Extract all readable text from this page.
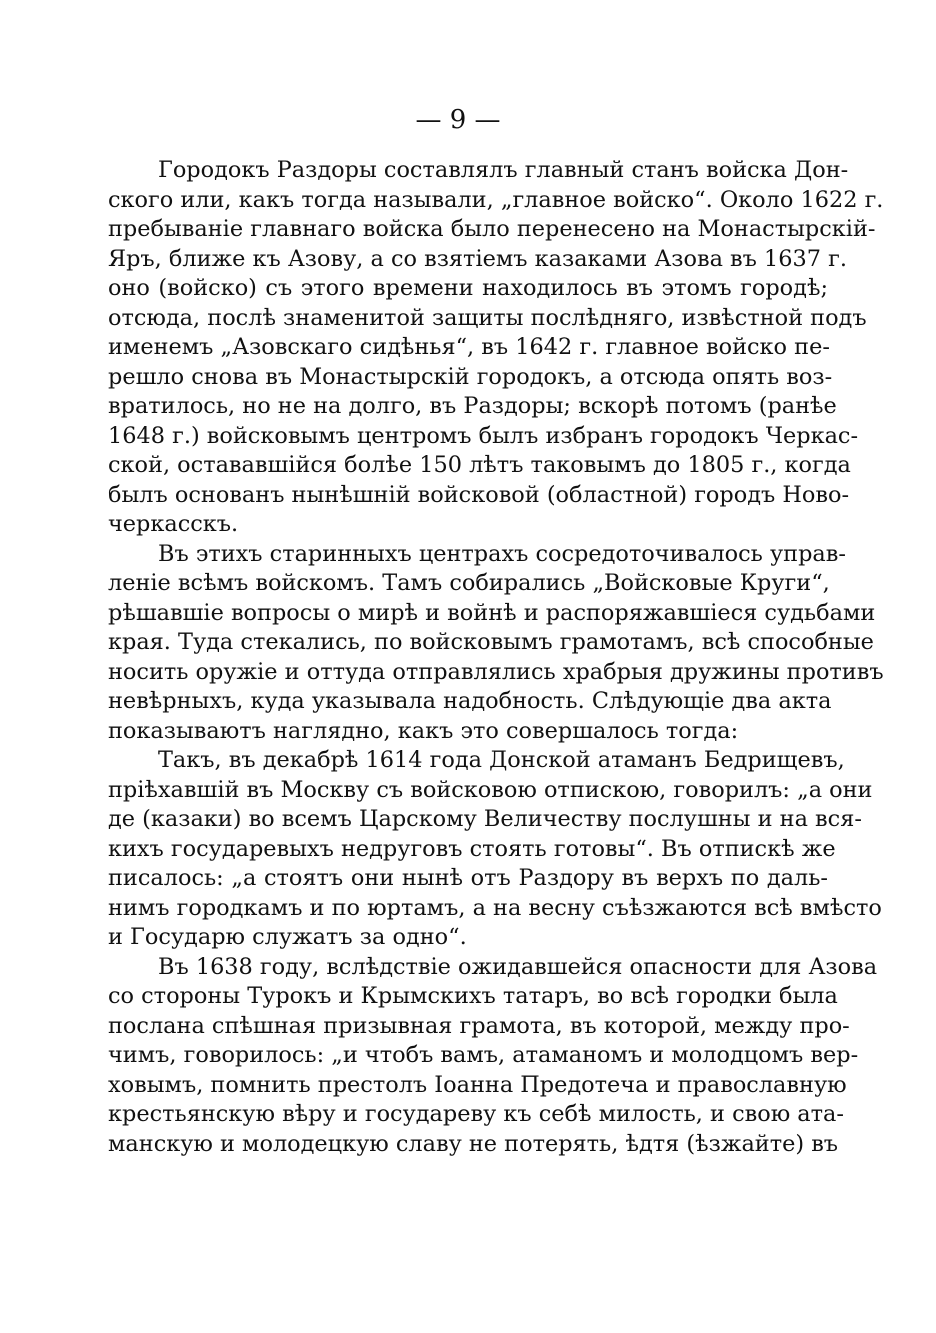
— 9 —
Городокъ Раздоры составлялъ главный станъ войска Дон-
ского или, какъ тогда называли, „главное войско“. Около 1622 г.
пребываніе главнаго войска было перенесено на Монастырскій-
Яръ, ближе къ Азову, а со взятіемъ казаками Азова въ 1637 г.
оно (войско) съ этого времени находилось въ этомъ городѣ;
отсюда, послѣ знаменитой защиты послѣдняго, извѣстной подъ
именемъ „Азовскаго сидѣнья“, въ 1642 г. главное войско пе-
решло снова въ Монастырскій городокъ, а отсюда опять воз-
вратилось, но не на долго, въ Раздоры; вскорѣ потомъ (ранѣе
1648 г.) войсковымъ центромъ былъ избранъ городокъ Черкас-
ской, остававшійся болѣе 150 лѣтъ таковымъ до 1805 г., когда
былъ основанъ нынѣшній войсковой (областной) городъ Ново-
черкасскъ.
Въ этихъ старинныхъ центрахъ сосредоточивалось управ-
леніе всѣмъ войскомъ. Тамъ собирались „Войсковые Круги“,
рѣшавшіе вопросы о мирѣ и войнѣ и распоряжавшіеся судьбами
края. Туда стекались, по войсковымъ грамотамъ, всѣ способные
носить оружіе и оттуда отправлялись храбрыя дружины противъ
невѣрныхъ, куда указывала надобность. Слѣдующіе два акта
показываютъ наглядно, какъ это совершалось тогда:
Такъ, въ декабрѣ 1614 года Донской атаманъ Бедрищевъ,
пріѣхавшій въ Москву съ войсковою отпискою, говорилъ: „а они
де (казаки) во всемъ Царскому Величеству послушны и на вся-
кихъ государевыхъ недруговъ стоять готовы“. Въ отпискѣ же
писалось: „а стоятъ они нынѣ отъ Раздору въ верхъ по даль-
нимъ городкамъ и по юртамъ, а на весну съѣзжаются всѣ вмѣсто
и Государю служатъ за одно“.
Въ 1638 году, вслѣдствіе ожидавшейся опасности для Азова
со стороны Турокъ и Крымскихъ татаръ, во всѣ городки была
послана спѣшная призывная грамота, въ которой, между про-
чимъ, говорилось: „и чтобъ вамъ, атаманомъ и молодцомъ вер-
ховымъ, помнить престолъ Іоанна Предотеча и православную
крестьянскую вѣру и государеву къ себѣ милость, и свою ата-
манскую и молодецкую славу не потерять, ѣдтя (ѣзжайте) въ
